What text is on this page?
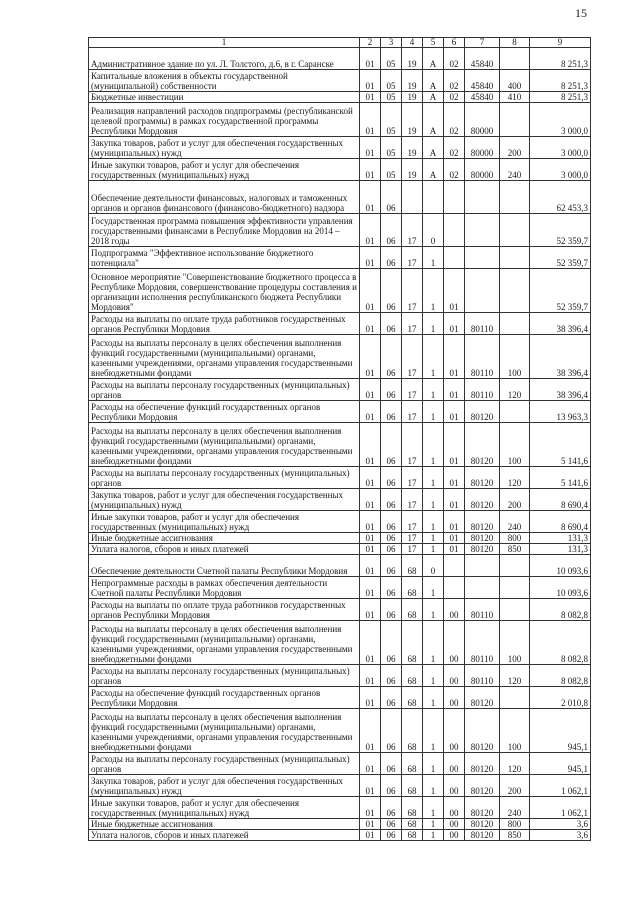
15
1	2	3	4	5	6	7	8	9
Административное здание по ул. Л. Толстого, д.6, в г. Саранске	01	05	19	А	02	45840		8 251,3
Капитальные вложения в объекты государственной (муниципальной) собственности	01	05	19	А	02	45840	400	8 251,3
Бюджетные инвестиции	01	05	19	А	02	45840	410	8 251,3
Реализация направлений расходов подпрограммы (республиканской целевой программы) в рамках государственной программы Республики Мордовия	01	05	19	А	02	80000		3 000,0
Закупка товаров, работ и услуг для обеспечения государственных (муниципальных) нужд	01	05	19	А	02	80000	200	3 000,0
Иные закупки товаров, работ и услуг для обеспечения государственных (муниципальных) нужд	01	05	19	А	02	80000	240	3 000,0
Обеспечение деятельности финансовых, налоговых и таможенных органов и органов финансового (финансово-бюджетного) надзора	01	06						62 453,3
Государственная программа повышения эффективности управления государственными финансами в Республике Мордовия на 2014 – 2018 годы	01	06	17	0				52 359,7
Подпрограмма "Эффективное использование бюджетного потенциала"	01	06	17	1				52 359,7
Основное мероприятие "Совершенствование бюджетного процесса в Республике Мордовия, совершенствование процедуры составления и организации исполнения республиканского бюджета Республики Мордовия"	01	06	17	1	01			52 359,7
Расходы на выплаты по оплате труда работников государственных органов Республики Мордовия	01	06	17	1	01	80110		38 396,4
Расходы на выплаты персоналу в целях обеспечения выполнения функций государственными (муниципальными) органами, казенными учреждениями, органами управления государственными внебюджетными фондами	01	06	17	1	01	80110	100	38 396,4
Расходы на выплаты персоналу государственных (муниципальных) органов	01	06	17	1	01	80110	120	38 396,4
Расходы на обеспечение функций государственных органов Республики Мордовия	01	06	17	1	01	80120		13 963,3
Расходы на выплаты персоналу в целях обеспечения выполнения функций государственными (муниципальными) органами, казенными учреждениями, органами управления государственными внебюджетными фондами	01	06	17	1	01	80120	100	5 141,6
Расходы на выплаты персоналу государственных (муниципальных) органов	01	06	17	1	01	80120	120	5 141,6
Закупка товаров, работ и услуг для обеспечения государственных (муниципальных) нужд	01	06	17	1	01	80120	200	8 690,4
Иные закупки товаров, работ и услуг для обеспечения государственных (муниципальных) нужд	01	06	17	1	01	80120	240	8 690,4
Иные бюджетные ассигнования	01	06	17	1	01	80120	800	131,3
Уплата налогов, сборов и иных платежей	01	06	17	1	01	80120	850	131,3
Обеспечение деятельности Счетной палаты Республики Мордовия	01	06	68	0				10 093,6
Непрограммные расходы в рамках обеспечения деятельности Счетной палаты Республики Мордовия	01	06	68	1				10 093,6
Расходы на выплаты по оплате труда работников государственных органов Республики Мордовия	01	06	68	1	00	80110		8 082,8
Расходы на выплаты персоналу в целях обеспечения выполнения функций государственными (муниципальными) органами, казенными учреждениями, органами управления государственными внебюджетными фондами	01	06	68	1	00	80110	100	8 082,8
Расходы на выплаты персоналу государственных (муниципальных) органов	01	06	68	1	00	80110	120	8 082,8
Расходы на обеспечение функций государственных органов Республики Мордовия	01	06	68	1	00	80120		2 010,8
Расходы на выплаты персоналу в целях обеспечения выполнения функций государственными (муниципальными) органами, казенными учреждениями, органами управления государственными внебюджетными фондами	01	06	68	1	00	80120	100	945,1
Расходы на выплаты персоналу государственных (муниципальных) органов	01	06	68	1	00	80120	120	945,1
Закупка товаров, работ и услуг для обеспечения государственных (муниципальных) нужд	01	06	68	1	00	80120	200	1 062,1
Иные закупки товаров, работ и услуг для обеспечения государственных (муниципальных) нужд	01	06	68	1	00	80120	240	1 062,1
Иные бюджетные ассигнования	01	06	68	1	00	80120	800	3,6
Уплата налогов, сборов и иных платежей	01	06	68	1	00	80120	850	3,6
